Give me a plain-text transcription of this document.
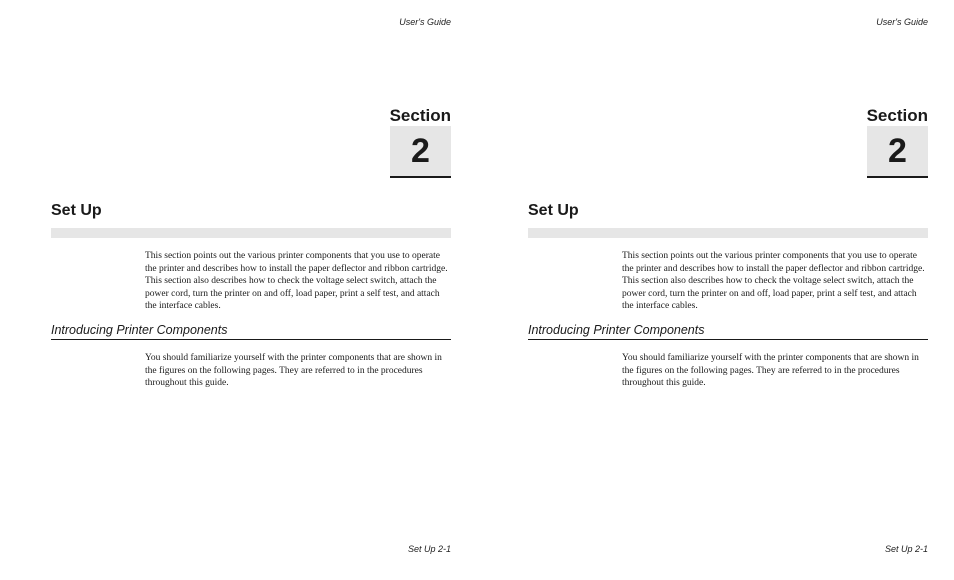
User's Guide
Section
2
Set Up
This section points out the various printer components that you use to operate the printer and describes how to install the paper deflector and ribbon cartridge. This section also describes how to check the voltage select switch, attach the power cord, turn the printer on and off, load paper, print a self test, and attach the interface cables.
Introducing Printer Components
You should familiarize yourself with the printer components that are shown in the figures on the following pages. They are referred to in the procedures throughout this guide.
Set Up 2-1
User's Guide
Section
2
Set Up
This section points out the various printer components that you use to operate the printer and describes how to install the paper deflector and ribbon cartridge. This section also describes how to check the voltage select switch, attach the power cord, turn the printer on and off, load paper, print a self test, and attach the interface cables.
Introducing Printer Components
You should familiarize yourself with the printer components that are shown in the figures on the following pages. They are referred to in the procedures throughout this guide.
Set Up 2-1
